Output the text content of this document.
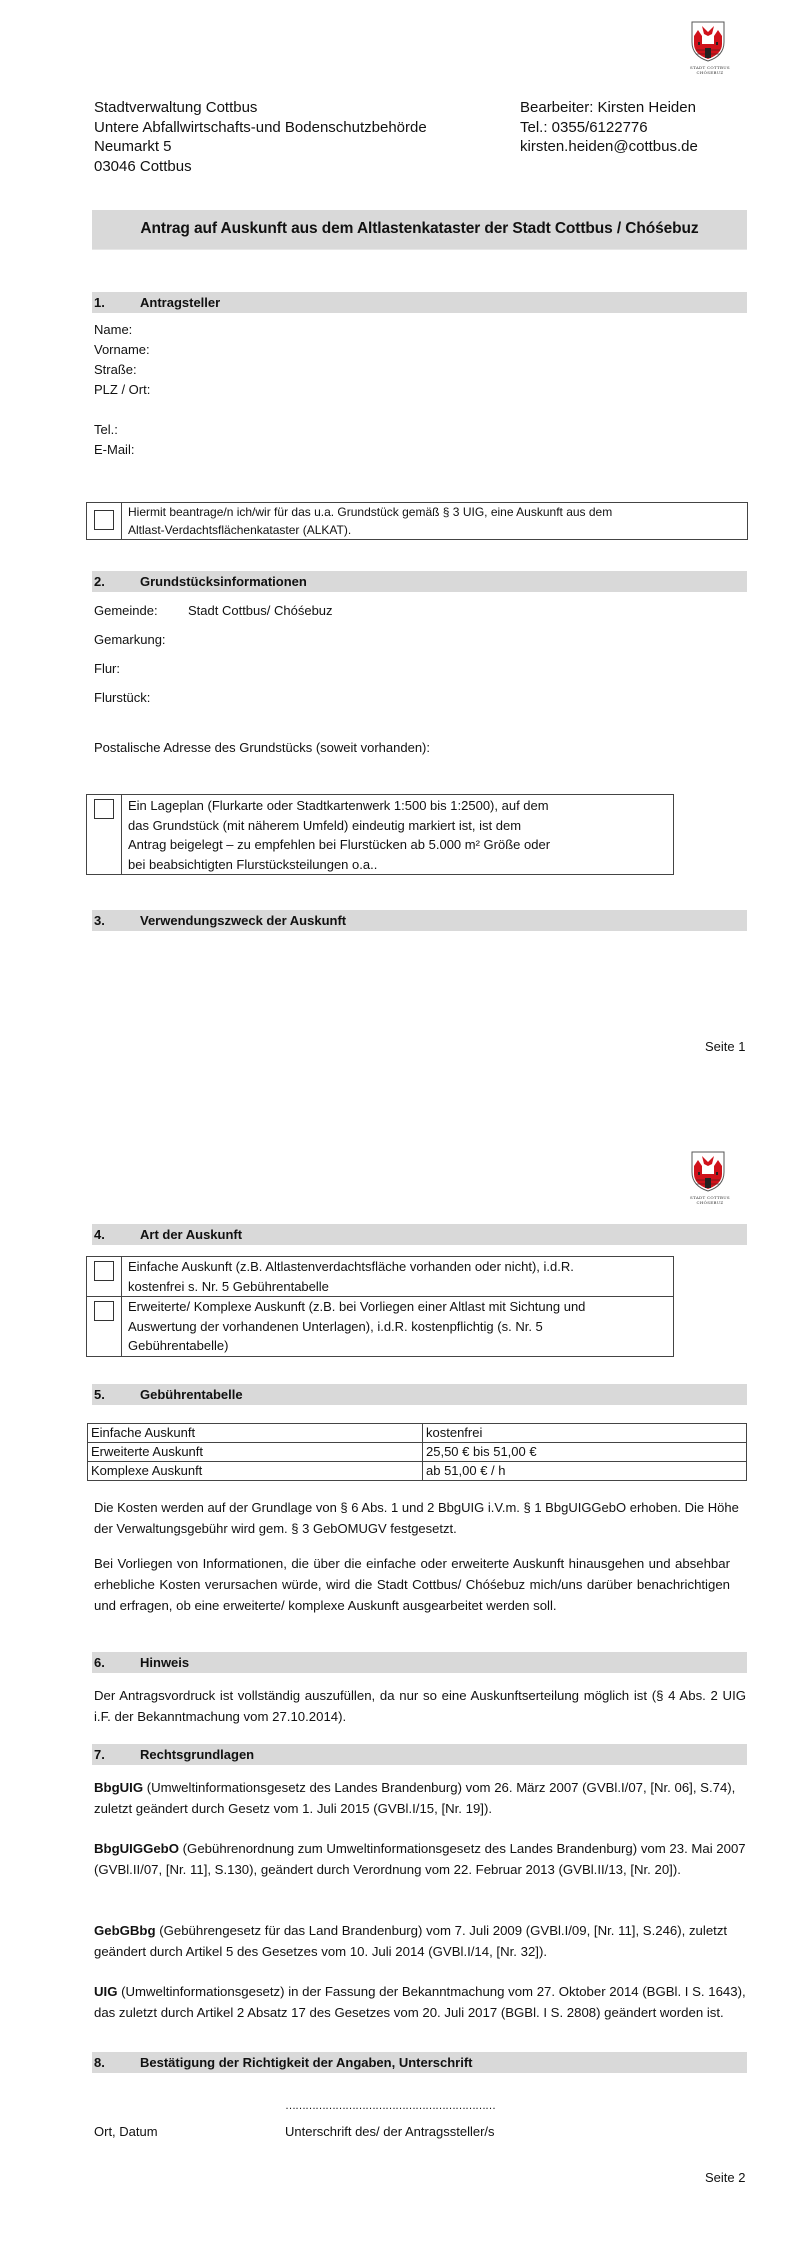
STADT COTTBUS
CHÓSEBUZ
Stadtverwaltung Cottbus
Untere Abfallwirtschafts-und Bodenschutzbehörde
Neumarkt 5
03046 Cottbus
Bearbeiter: Kirsten Heiden
Tel.: 0355/6122776
kirsten.heiden@cottbus.de
Antrag auf Auskunft aus dem Altlastenkataster der Stadt Cottbus / Chóśebuz
1.	Antragsteller
Name:
Vorname:
Straße:
PLZ / Ort:
Tel.:
E-Mail:

Hiermit beantrage/n ich/wir für das u.a. Grundstück gemäß § 3 UIG, eine Auskunft aus dem
Altlast-Verdachtsflächenkataster (ALKAT).
2.	Grundstücksinformationen
Gemeinde: Stadt Cottbus/ Chóśebuz
Gemarkung:
Flur:
Flurstück:
Postalische Adresse des Grundstücks (soweit vorhanden):

Ein Lageplan (Flurkarte oder Stadtkartenwerk 1:500 bis 1:2500), auf dem
das Grundstück (mit näherem Umfeld) eindeutig markiert ist, ist dem
Antrag beigelegt – zu empfehlen bei Flurstücken ab 5.000 m² Größe oder
bei beabsichtigten Flurstücksteilungen o.a..
3.	Verwendungszweck der Auskunft
Seite 1
STADT COTTBUS
CHÓSEBUZ
4.	Art der Auskunft

	Einfache Auskunft (z.B. Altlastenverdachtsfläche vorhanden oder nicht), i.d.R.
kostenfrei s. Nr. 5 Gebührentabelle

	Erweiterte/ Komplexe Auskunft (z.B. bei Vorliegen einer Altlast mit Sichtung und
Auswertung der vorhandenen Unterlagen), i.d.R. kostenpflichtig (s. Nr. 5
Gebührentabelle)
5.	Gebührentabelle
Einfache Auskunft	kostenfrei
Erweiterte Auskunft	25,50 € bis 51,00 €
Komplexe Auskunft	ab 51,00 € / h
Die Kosten werden auf der Grundlage von § 6 Abs. 1 und 2 BbgUIG i.V.m. § 1 BbgUIGGebO erhoben. Die Höhe der Verwaltungsgebühr wird gem. § 3 GebOMUGV festgesetzt.
Bei Vorliegen von Informationen, die über die einfache oder erweiterte Auskunft hinausgehen und absehbar erhebliche Kosten verursachen würde, wird die Stadt Cottbus/ Chóśebuz mich/uns darüber benachrichtigen und erfragen, ob eine erweiterte/ komplexe Auskunft ausgearbeitet werden soll.
6.	Hinweis
Der Antragsvordruck ist vollständig auszufüllen, da nur so eine Auskunftserteilung möglich ist (§ 4 Abs. 2 UIG i.F. der Bekanntmachung vom 27.10.2014).
7.	Rechtsgrundlagen
BbgUIG (Umweltinformationsgesetz des Landes Brandenburg) vom 26. März 2007 (GVBl.I/07, [Nr. 06], S.74), zuletzt geändert durch Gesetz vom 1. Juli 2015 (GVBl.I/15, [Nr. 19]).
BbgUIGGebO (Gebührenordnung zum Umweltinformationsgesetz des Landes Brandenburg) vom 23. Mai 2007 (GVBl.II/07, [Nr. 11], S.130), geändert durch Verordnung vom 22. Februar 2013 (GVBl.II/13, [Nr. 20]).
GebGBbg (Gebührengesetz für das Land Brandenburg) vom 7. Juli 2009 (GVBl.I/09, [Nr. 11], S.246), zuletzt geändert durch Artikel 5 des Gesetzes vom 10. Juli 2014 (GVBl.I/14, [Nr. 32]).
UIG (Umweltinformationsgesetz) in der Fassung der Bekanntmachung vom 27. Oktober 2014 (BGBl. I S. 1643), das zuletzt durch Artikel 2 Absatz 17 des Gesetzes vom 20. Juli 2017 (BGBl. I S. 2808) geändert worden ist.
8.	Bestätigung der Richtigkeit der Angaben, Unterschrift
………………………………………………………
Ort, Datum	Unterschrift des/ der Antragssteller/s
Seite 2
